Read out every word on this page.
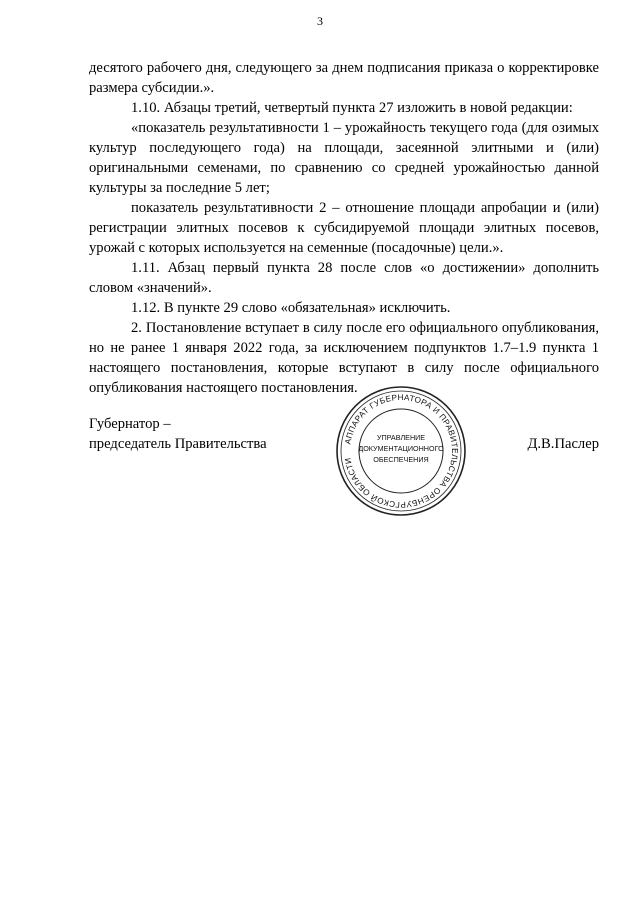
3

десятого рабочего дня, следующего за днем подписания приказа о корректировке размера субсидии.».

1.10. Абзацы третий, четвертый пункта 27 изложить в новой редакции:

«показатель результативности 1 – урожайность текущего года (для озимых культур последующего года) на площади, засеянной элитными и (или) оригинальными семенами, по сравнению со средней урожайностью данной культуры за последние 5 лет;

показатель результативности 2 – отношение площади апробации и (или) регистрации элитных посевов к субсидируемой площади элитных посевов, урожай с которых используется на семенные (посадочные) цели.».

1.11. Абзац первый пункта 28 после слов «о достижении» дополнить словом «значений».

1.12. В пункте 29 слово «обязательная» исключить.

2. Постановление вступает в силу после его официального опубликования, но не ранее 1 января 2022 года, за исключением подпунктов 1.7–1.9 пункта 1 настоящего постановления, которые вступают в силу после официального опубликования настоящего постановления.

Губернатор –
председатель Правительства	АППАРАТ ГУБЕРНАТОРА И ПРАВИТЕЛЬСТВА ОРЕНБУРГСКОЙ ОБЛАСТИ
УПРАВЛЕНИЕ
ДОКУМЕНТАЦИОННОГО
ОБЕСПЕЧЕНИЯ
Д.В.Паслер
